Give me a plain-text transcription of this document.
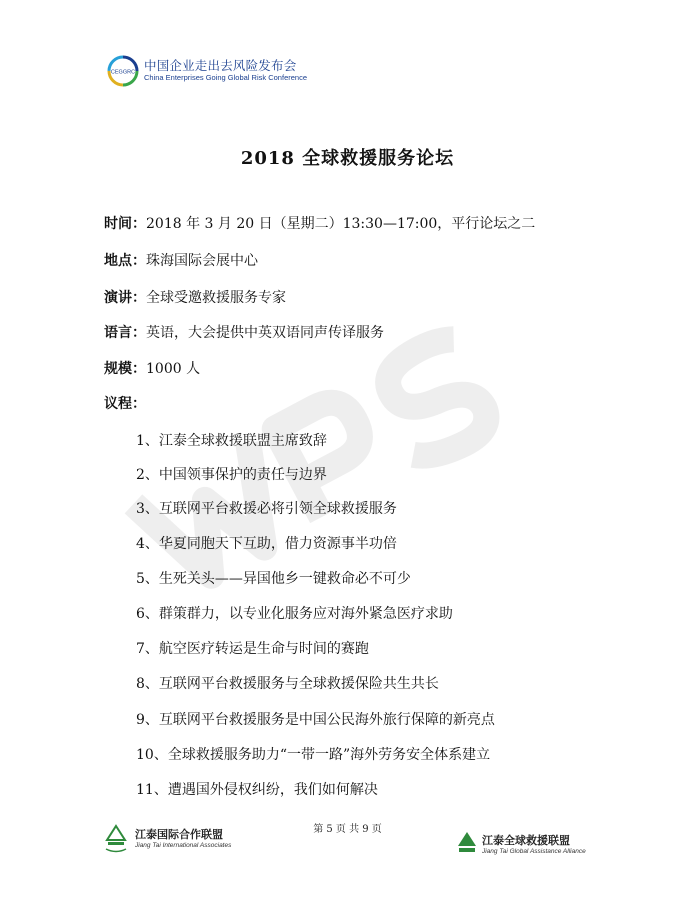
CEGGRC 中国企业走出去风险发布会
China Enterprises Going Global Risk Conference
2018 全球救援服务论坛
时间：2018 年 3 月 20 日（星期二）13:30—17:00，平行论坛之二
地点：珠海国际会展中心
演讲：全球受邀救援服务专家
语言：英语，大会提供中英双语同声传译服务
规模：1000 人
议程：
1、江泰全球救援联盟主席致辞
2、中国领事保护的责任与边界
3、互联网平台救援必将引领全球救援服务
4、华夏同胞天下互助，借力资源事半功倍
5、生死关头——异国他乡一键救命必不可少
6、群策群力，以专业化服务应对海外紧急医疗求助
7、航空医疗转运是生命与时间的赛跑
8、互联网平台救援服务与全球救援保险共生共长
9、互联网平台救援服务是中国公民海外旅行保障的新亮点
10、全球救援服务助力“一带一路”海外劳务安全体系建立
11、遭遇国外侵权纠纷，我们如何解决
江泰国际合作联盟
Jiang Tai International Associates
第 5 页 共 9 页
江泰全球救援联盟
Jiang Tai Global Assistance Alliance
